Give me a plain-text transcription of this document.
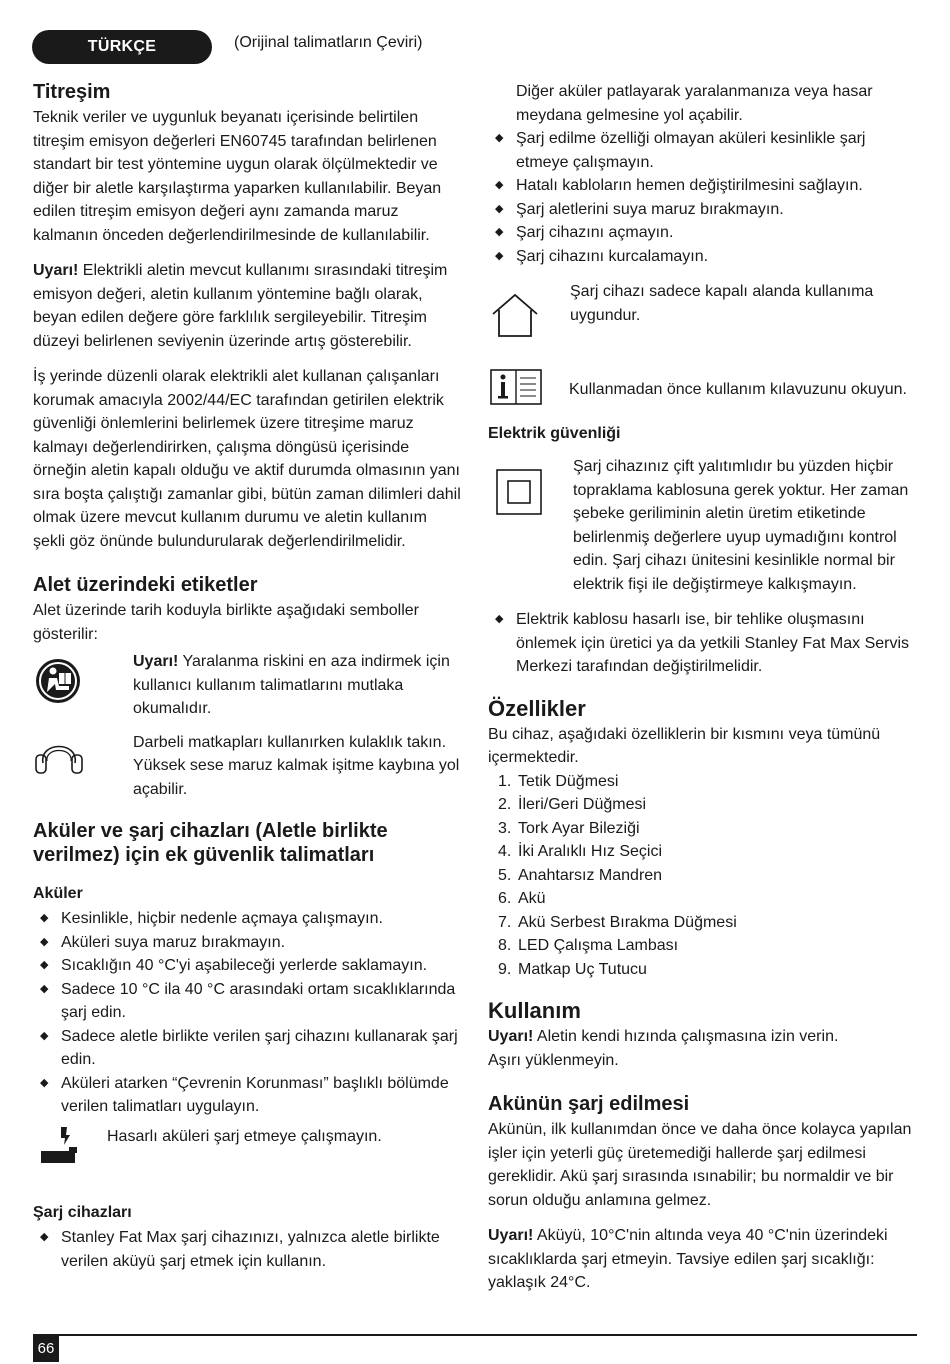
TÜRKÇE	(Orijinal talimatların Çeviri)
Titreşim

Teknik veriler ve uygunluk beyanatı içerisinde belirtilen titreşim emisyon değerleri EN60745 tarafından belirlenen standart bir test yöntemine uygun olarak ölçülmektedir ve diğer bir aletle karşılaştırma yaparken kullanılabilir. Beyan edilen titreşim emisyon değeri aynı zamanda maruz kalmanın önceden değerlendirilmesinde de kullanılabilir.

Uyarı! Elektrikli aletin mevcut kullanımı sırasındaki titreşim emisyon değeri, aletin kullanım yöntemine bağlı olarak, beyan edilen değere göre farklılık sergileyebilir. Titreşim düzeyi belirlenen seviyenin üzerinde artış gösterebilir.

İş yerinde düzenli olarak elektrikli alet kullanan çalışanları korumak amacıyla 2002/44/EC tarafından getirilen elektrik güvenliği önlemlerini belirlemek üzere titreşime maruz kalmayı değerlendirirken, çalışma döngüsü içerisinde örneğin aletin kapalı olduğu ve aktif durumda olmasının yanı sıra boşta çalıştığı zamanlar gibi, bütün zaman dilimleri dahil olmak üzere mevcut kullanım durumu ve aletin kullanım şekli göz önünde bulundurularak değerlendirilmelidir.

Alet üzerindeki etiketler

Alet üzerinde tarih koduyla birlikte aşağıdaki semboller gösterilir:

Uyarı! Yaralanma riskini en aza indirmek için kullanıcı kullanım talimatlarını mutlaka okumalıdır.
Darbeli matkapları kullanırken kulaklık takın. Yüksek sese maruz kalmak işitme kaybına yol açabilir.
Aküler ve şarj cihazları (Aletle birlikte verilmez) için ek güvenlik talimatları
Aküler
◆ Kesinlikle, hiçbir nedenle açmaya çalışmayın.
◆ Aküleri suya maruz bırakmayın.
◆ Sıcaklığın 40 °C'yi aşabileceği yerlerde saklamayın.
◆ Sadece 10 °C ila 40 °C arasındaki ortam sıcaklıklarında şarj edin.
◆ Sadece aletle birlikte verilen şarj cihazını kullanarak şarj edin.
◆ Aküleri atarken “Çevrenin Korunması” başlıklı bölümde verilen talimatları uygulayın.
Hasarlı aküleri şarj etmeye çalışmayın.
Şarj cihazları
◆ Stanley Fat Max şarj cihazınızı, yalnızca aletle birlikte verilen aküyü şarj etmek için kullanın.

Diğer aküler patlayarak yaralanmanıza veya hasar meydana gelmesine yol açabilir.

◆ Şarj edilme özelliği olmayan aküleri kesinlikle şarj etmeye çalışmayın.
◆ Hatalı kabloların hemen değiştirilmesini sağlayın.
◆ Şarj aletlerini suya maruz bırakmayın.
◆ Şarj cihazını açmayın.
◆ Şarj cihazını kurcalamayın.
Şarj cihazı sadece kapalı alanda kullanıma uygundur.
Kullanmadan önce kullanım kılavuzunu okuyun.
Elektrik güvenliği
Şarj cihazınız çift yalıtımlıdır bu yüzden hiçbir topraklama kablosuna gerek yoktur. Her zaman şebeke geriliminin aletin üretim etiketinde belirlenmiş değerlere uyup uymadığını kontrol edin. Şarj cihazı ünitesini kesinlikle normal bir elektrik fişi ile değiştirmeye kalkışmayın.
◆ Elektrik kablosu hasarlı ise, bir tehlike oluşmasını önlemek için üretici ya da yetkili Stanley Fat Max Servis Merkezi tarafından değiştirilmelidir.
Özellikler

Bu cihaz, aşağıdaki özelliklerin bir kısmını veya tümünü içermektedir.

1. Tetik Düğmesi
2. İleri/Geri Düğmesi
3. Tork Ayar Bileziği
4. İki Aralıklı Hız Seçici
5. Anahtarsız Mandren
6. Akü
7. Akü Serbest Bırakma Düğmesi
8. LED Çalışma Lambası
9. Matkap Uç Tutucu
Kullanım

Uyarı! Aletin kendi hızında çalışmasına izin verin.

Aşırı yüklenmeyin.

Akünün şarj edilmesi

Akünün, ilk kullanımdan önce ve daha önce kolayca yapılan işler için yeterli güç üretemediği hallerde şarj edilmesi gereklidir. Akü şarj sırasında ısınabilir; bu normaldir ve bir sorun olduğu anlamına gelmez.

Uyarı! Aküyü, 10°C'nin altında veya 40 °C'nin üzerindeki sıcaklıklarda şarj etmeyin. Tavsiye edilen şarj sıcaklığı: yaklaşık 24°C.

66
